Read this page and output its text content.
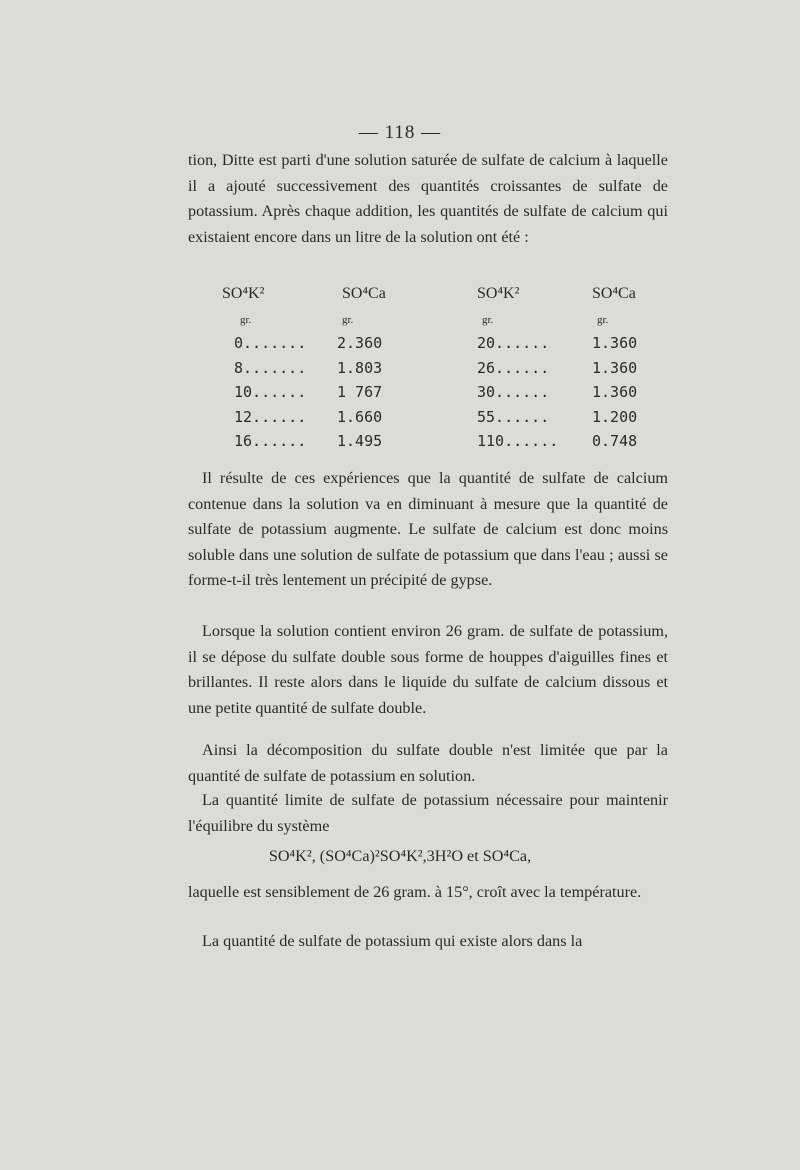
— 118 —

tion, Ditte est parti d'une solution saturée de sulfate de calcium à laquelle il a ajouté successivement des quantités croissantes de sulfate de potassium. Après chaque addition, les quantités de sulfate de calcium qui existaient encore dans un litre de la solution ont été :

SO⁴K²	SO⁴Ca	SO⁴K²	SO⁴Ca
gr.	gr.	gr.	gr.
0.......	2.360	20......	1.360
8.......	1.803	26......	1.360
10......	1 767	30......	1.360
12......	1.660	55......	1.200
16......	1.495	110......	0.748

Il résulte de ces expériences que la quantité de sulfate de calcium contenue dans la solution va en diminuant à mesure que la quantité de sulfate de potassium augmente. Le sulfate de calcium est donc moins soluble dans une solution de sulfate de potassium que dans l'eau ; aussi se forme-t-il très lentement un précipité de gypse.

Lorsque la solution contient environ 26 gram. de sulfate de potassium, il se dépose du sulfate double sous forme de houppes d'aiguilles fines et brillantes. Il reste alors dans le liquide du sulfate de calcium dissous et une petite quantité de sulfate double.

Ainsi la décomposition du sulfate double n'est limitée que par la quantité de sulfate de potassium en solution.

La quantité limite de sulfate de potassium nécessaire pour maintenir l'équilibre du système

SO⁴K², (SO⁴Ca)²SO⁴K²,3H²O et SO⁴Ca,

laquelle est sensiblement de 26 gram. à 15°, croît avec la température.

La quantité de sulfate de potassium qui existe alors dans la
